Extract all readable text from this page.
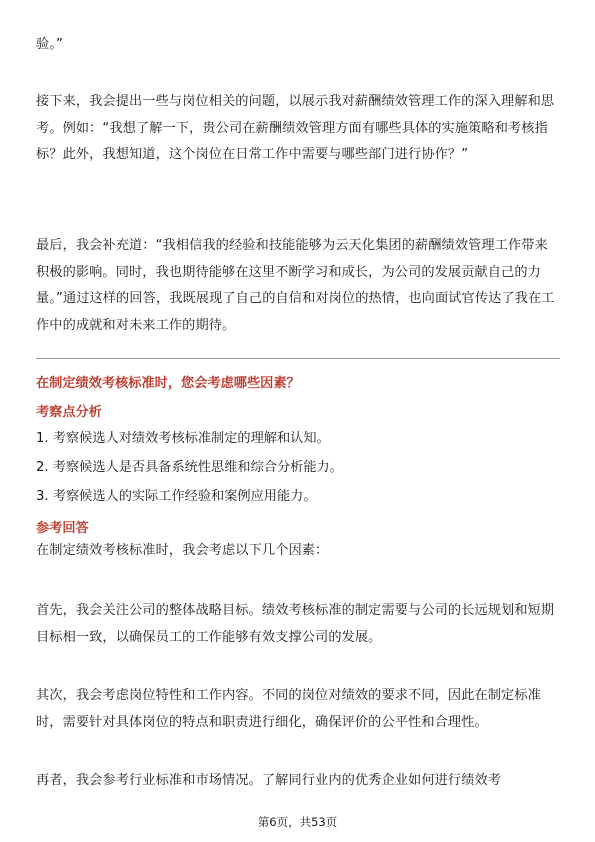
验。”
接下来，我会提出一些与岗位相关的问题，以展示我对薪酬绩效管理工作的深入理解和思考。例如：“我想了解一下，贵公司在薪酬绩效管理方面有哪些具体的实施策略和考核指标？此外，我想知道，这个岗位在日常工作中需要与哪些部门进行协作？”
最后，我会补充道：“我相信我的经验和技能能够为云天化集团的薪酬绩效管理工作带来积极的影响。同时，我也期待能够在这里不断学习和成长，为公司的发展贡献自己的力量。”通过这样的回答，我既展现了自己的自信和对岗位的热情，也向面试官传达了我在工作中的成就和对未来工作的期待。
在制定绩效考核标准时，您会考虑哪些因素？
考察点分析
1. 考察候选人对绩效考核标准制定的理解和认知。
2. 考察候选人是否具备系统性思维和综合分析能力。
3. 考察候选人的实际工作经验和案例应用能力。
参考回答
在制定绩效考核标准时，我会考虑以下几个因素：
首先，我会关注公司的整体战略目标。绩效考核标准的制定需要与公司的长远规划和短期目标相一致，以确保员工的工作能够有效支撑公司的发展。
其次，我会考虑岗位特性和工作内容。不同的岗位对绩效的要求不同，因此在制定标准时，需要针对具体岗位的特点和职责进行细化，确保评价的公平性和合理性。
再者，我会参考行业标准和市场情况。了解同行业内的优秀企业如何进行绩效考
第6页，共53页
